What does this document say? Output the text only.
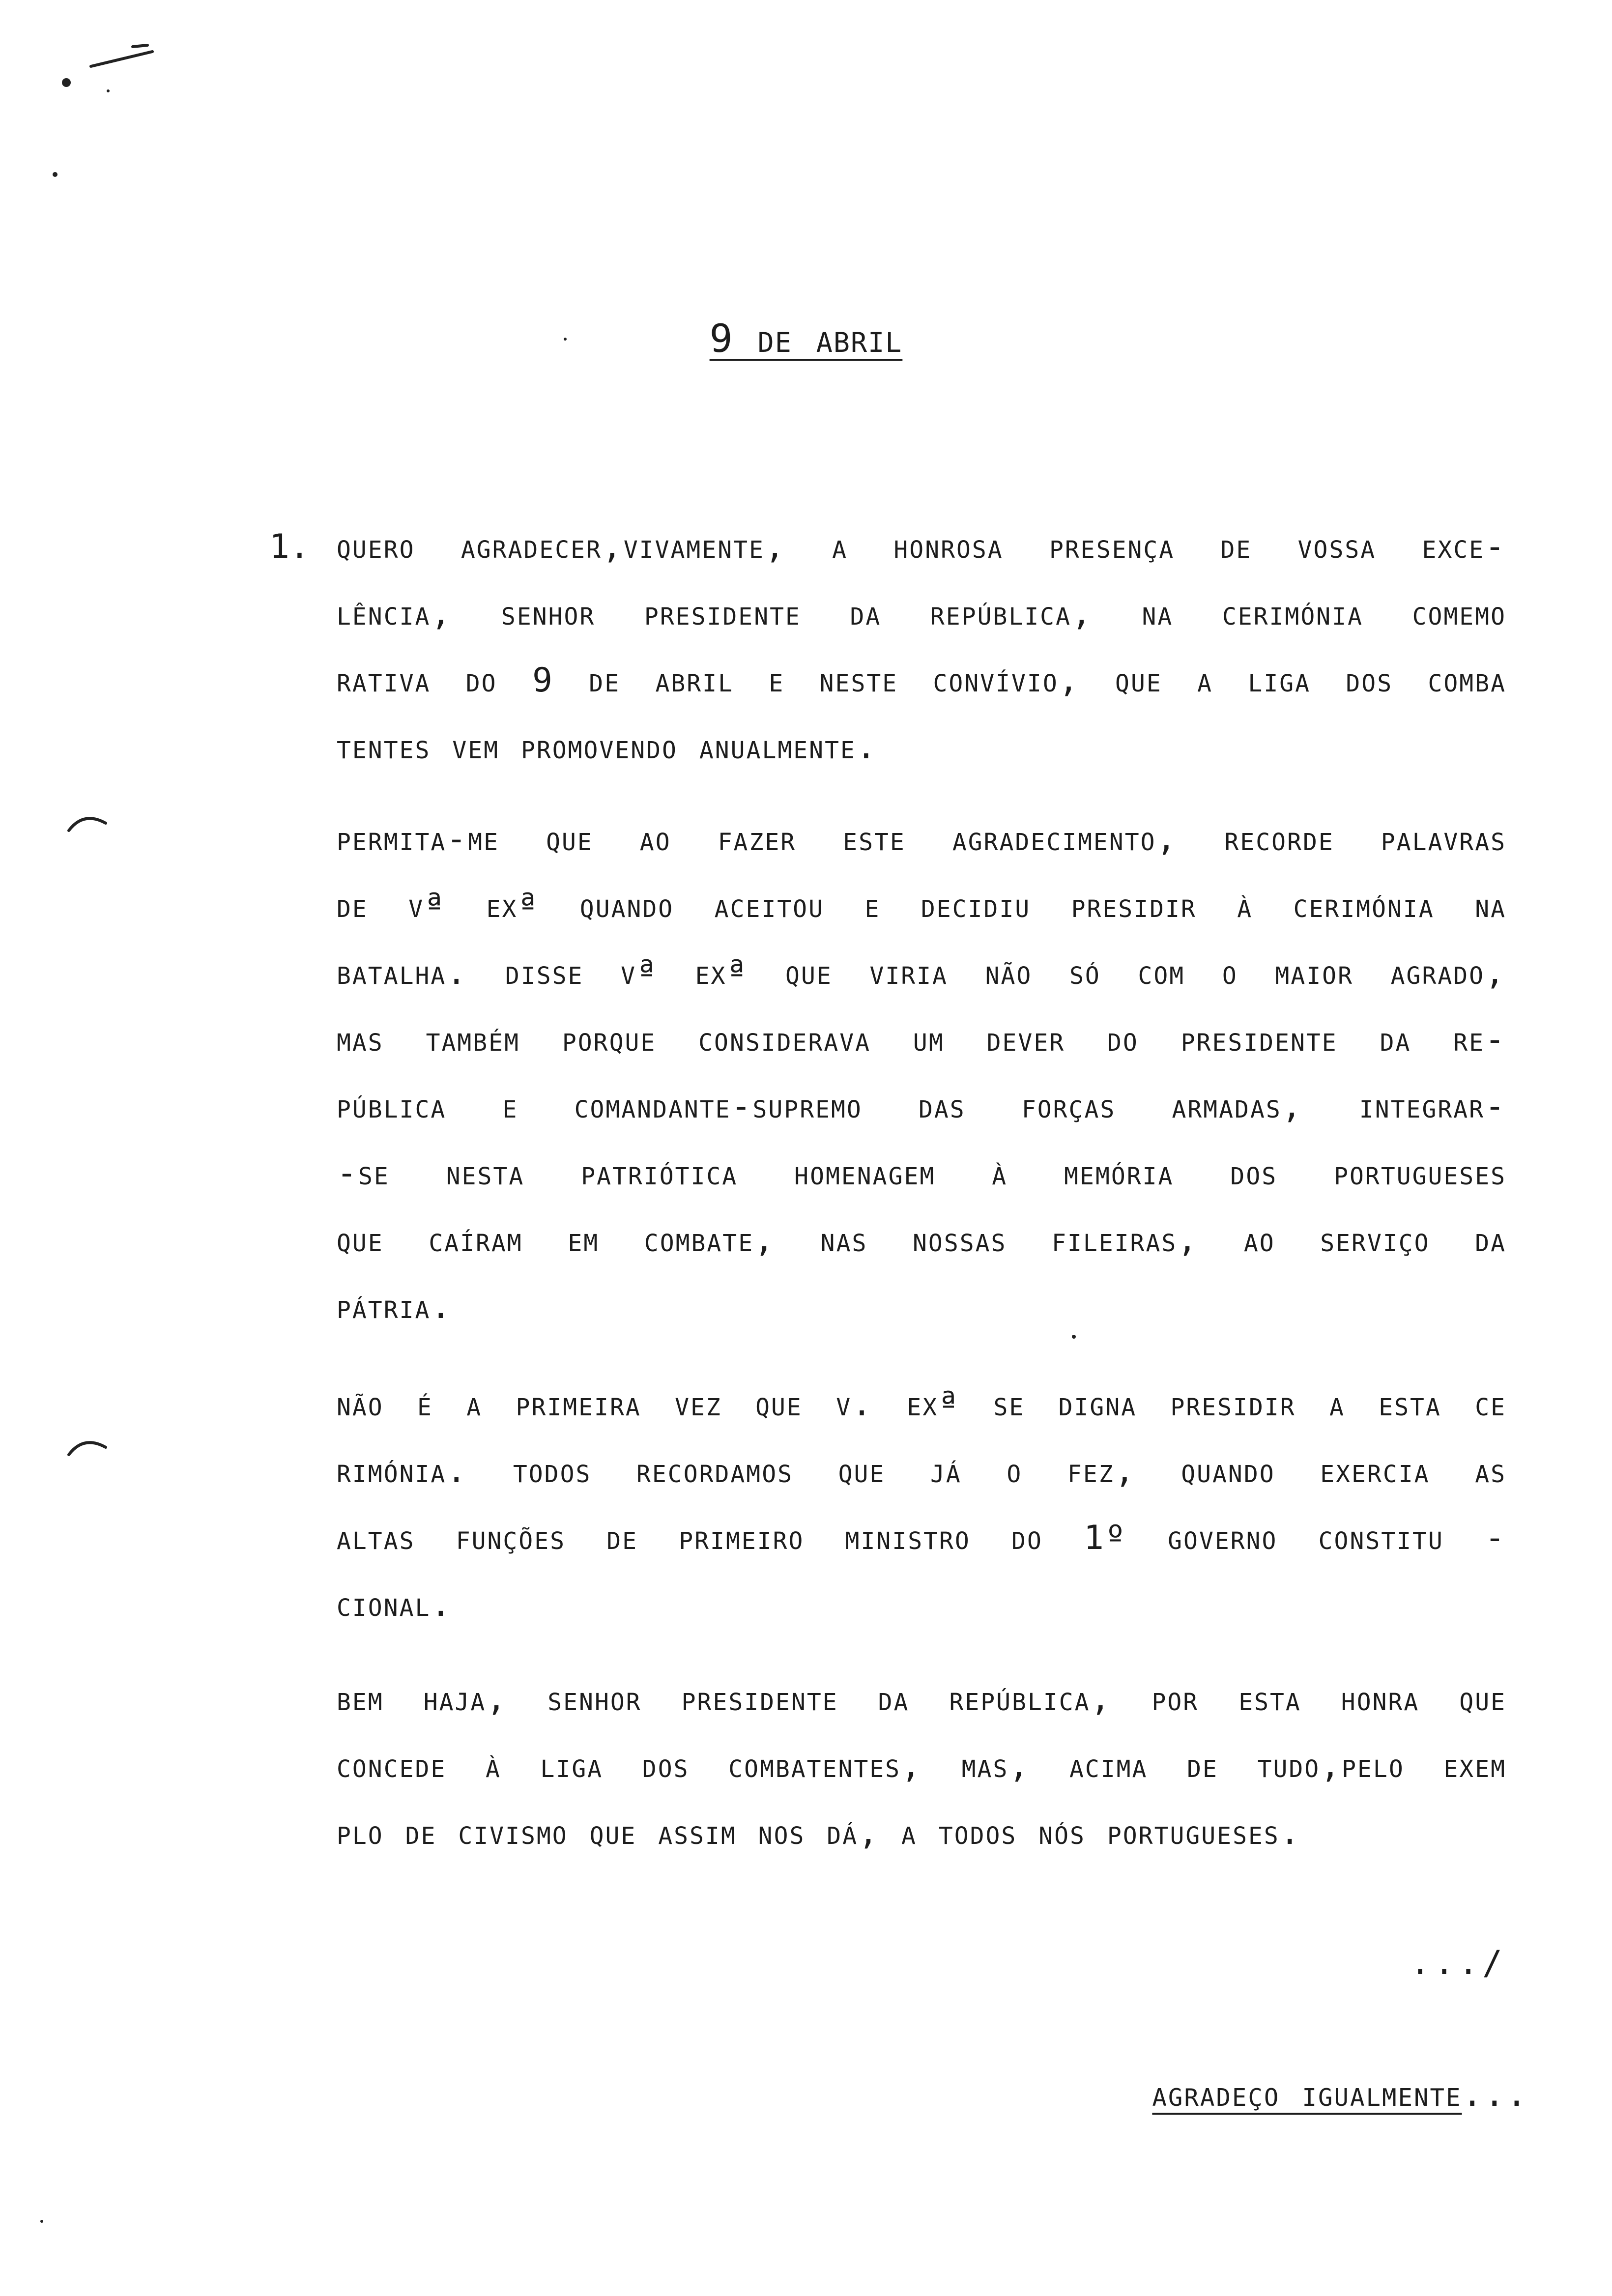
9 de abril
1. quero agradecer,vivamente, a honrosa presença de vossa exce-
lência, senhor presidente da república, na cerimónia comemo
rativa do 9 de abril e neste convívio, que a liga dos comba
tentes vem promovendo anualmente.
permita-me que ao fazer este agradecimento, recorde palavras
de vª exª quando aceitou e decidiu presidir à cerimónia na
batalha. disse vª exª que viria não só com o maior agrado,
mas também porque considerava um dever do presidente da re-
pública e comandante-supremo das forças armadas, integrar-
-se nesta patriótica homenagem à memória dos portugueses
que caíram em combate, nas nossas fileiras, ao serviço da
pátria.
não é a primeira vez que v. exª se digna presidir a esta ce
rimónia. todos recordamos que já o fez, quando exercia as
altas funções de primeiro ministro do 1º governo constitu -
cional.
bem haja, senhor presidente da república, por esta honra que
concede à liga dos combatentes, mas, acima de tudo,pelo exem
plo de civismo que assim nos dá, a todos nós portugueses.
.../
agradeço igualmente...
